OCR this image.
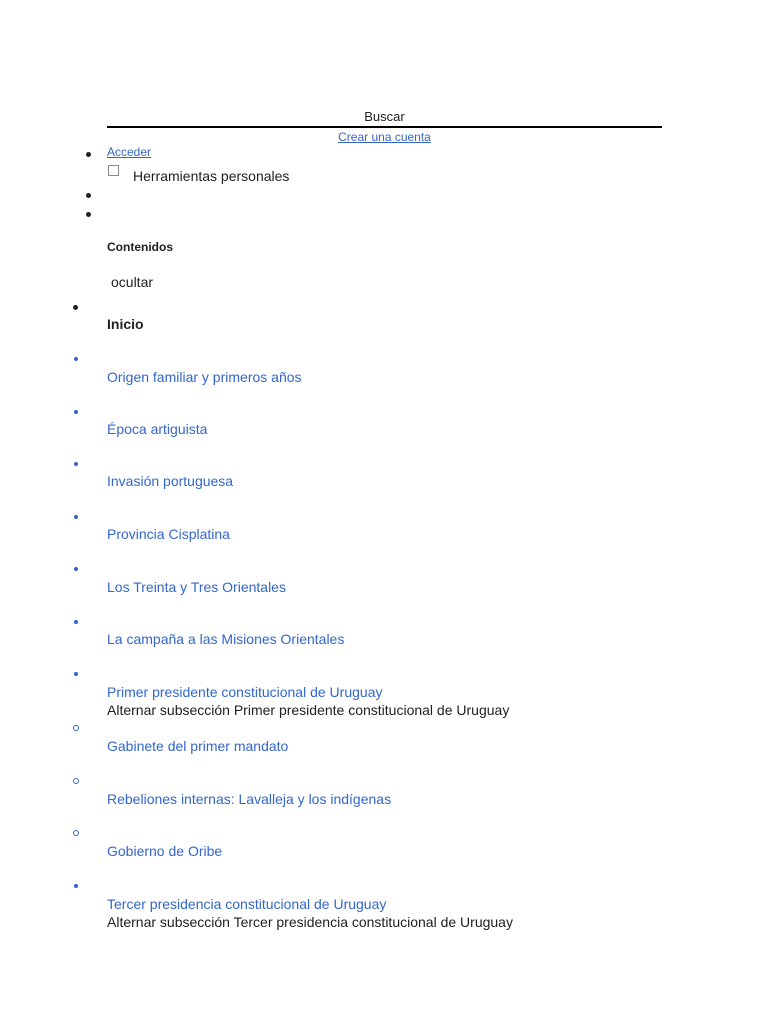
Buscar
Crear una cuenta
Acceder
Herramientas personales
Contenidos
ocultar
Inicio
Origen familiar y primeros años
Época artiguista
Invasión portuguesa
Provincia Cisplatina
Los Treinta y Tres Orientales
La campaña a las Misiones Orientales
Primer presidente constitucional de Uruguay
Alternar subsección Primer presidente constitucional de Uruguay
Gabinete del primer mandato
Rebeliones internas: Lavalleja y los indígenas
Gobierno de Oribe
Tercer presidencia constitucional de Uruguay
Alternar subsección Tercer presidencia constitucional de Uruguay
